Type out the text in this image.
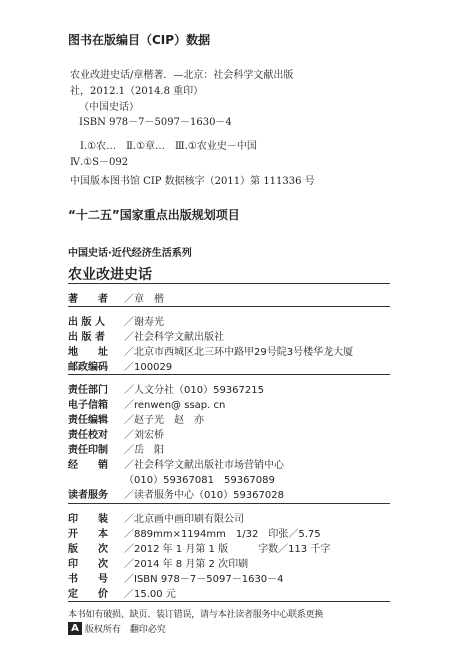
图书在版编目（CIP）数据
农业改进史话/章楷著．—北京：社会科学文献出版
社，2012.1（2014.8 重印）
（中国史话）
ISBN 978－7－5097－1630－4
Ⅰ.①农…　Ⅱ.①章…　Ⅲ.①农业史－中国
Ⅳ.①S－092
中国版本图书馆 CIP 数据核字（2011）第 111336 号
“十二五”国家重点出版规划项目
中国史话·近代经济生活系列
农业改进史话
著　　者 ／章　楷
出 版 人 ／谢寿光
出 版 者 ／社会科学文献出版社
地　　址 ／北京市西城区北三环中路甲29号院3号楼华龙大厦
邮政编码 ／100029
责任部门 ／人文分社（010）59367215
电子信箱 ／renwen@ ssap. cn
责任编辑 ／赵子光　赵　亦
责任校对 ／刘宏桥
责任印制 ／岳　阳
经　　销 ／社会科学文献出版社市场营销中心
（010）59367081　59367089
读者服务 ／读者服务中心（010）59367028
印　　装 ／北京画中画印刷有限公司
开　　本 ／889mm×1194mm　1/32　印张／5.75
版　　次 ／2012 年 1 月第 1 版　　　字数／113 千字
印　　次 ／2014 年 8 月第 2 次印刷
书　　号 ／ISBN 978－7－5097－1630－4
定　　价 ／15.00 元
本书如有破损、缺页、装订错误，请与本社读者服务中心联系更换
A 版权所有　翻印必究
